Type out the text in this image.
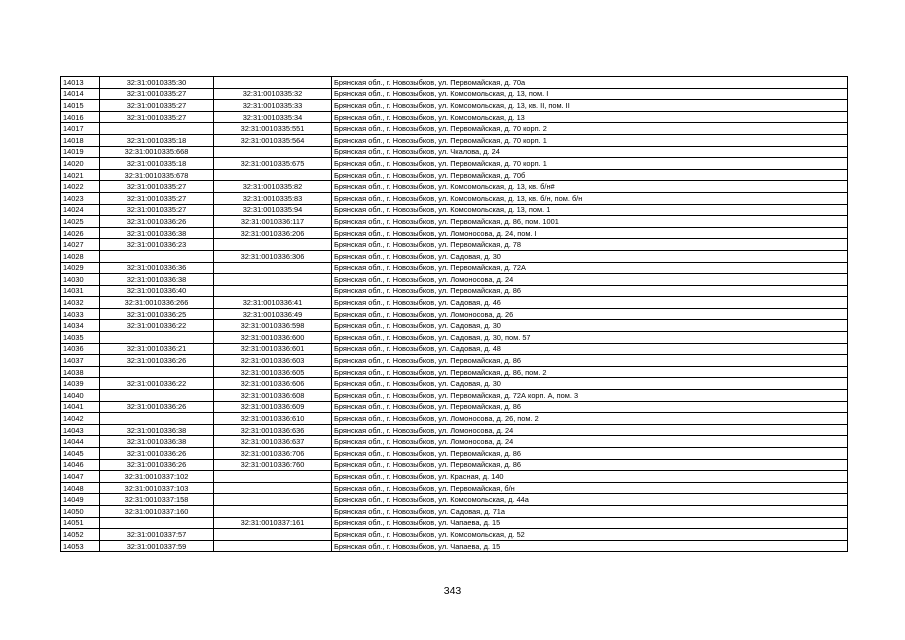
14013	32:31:0010335:30		Брянская обл., г. Новозыбков, ул. Первомайская, д. 70а
14014	32:31:0010335:27	32:31:0010335:32	Брянская обл., г. Новозыбков, ул. Комсомольская, д. 13, пом. I
14015	32:31:0010335:27	32:31:0010335:33	Брянская обл., г. Новозыбков, ул. Комсомольская, д. 13, кв. II, пом. II
14016	32:31:0010335:27	32:31:0010335:34	Брянская обл., г. Новозыбков, ул. Комсомольская, д. 13
14017		32:31:0010335:551	Брянская обл., г. Новозыбков, ул. Первомайская, д. 70 корп. 2
14018	32:31:0010335:18	32:31:0010335:564	Брянская обл., г. Новозыбков, ул. Первомайская, д. 70 корп. 1
14019	32:31:0010335:668		Брянская обл., г. Новозыбков, ул. Чкалова, д. 24
14020	32:31:0010335:18	32:31:0010335:675	Брянская обл., г. Новозыбков, ул. Первомайская, д. 70 корп. 1
14021	32:31:0010335:678		Брянская обл., г. Новозыбков, ул. Первомайская, д. 70б
14022	32:31:0010335:27	32:31:0010335:82	Брянская обл., г. Новозыбков, ул. Комсомольская, д. 13, кв. б/н#
14023	32:31:0010335:27	32:31:0010335:83	Брянская обл., г. Новозыбков, ул. Комсомольская, д. 13, кв. б/н, пом. б/н
14024	32:31:0010335:27	32:31:0010335:94	Брянская обл., г. Новозыбков, ул. Комсомольская, д. 13, пом. 1
14025	32:31:0010336:26	32:31:0010336:117	Брянская обл., г. Новозыбков, ул. Первомайская, д. 86, пом. 1001
14026	32:31:0010336:38	32:31:0010336:206	Брянская обл., г. Новозыбков, ул. Ломоносова, д. 24, пом. I
14027	32:31:0010336:23		Брянская обл., г. Новозыбков, ул. Первомайская, д. 78
14028		32:31:0010336:306	Брянская обл., г. Новозыбков, ул. Садовая, д. 30
14029	32:31:0010336:36		Брянская обл., г. Новозыбков, ул. Первомайская, д. 72А
14030	32:31:0010336:38		Брянская обл., г. Новозыбков, ул. Ломоносова, д. 24
14031	32:31:0010336:40		Брянская обл., г. Новозыбков, ул. Первомайская, д. 86
14032	32:31:0010336:266	32:31:0010336:41	Брянская обл., г. Новозыбков, ул. Садовая, д. 46
14033	32:31:0010336:25	32:31:0010336:49	Брянская обл., г. Новозыбков, ул. Ломоносова, д. 26
14034	32:31:0010336:22	32:31:0010336:598	Брянская обл., г. Новозыбков, ул. Садовая, д. 30
14035		32:31:0010336:600	Брянская обл., г. Новозыбков, ул. Садовая, д. 30, пом. 57
14036	32:31:0010336:21	32:31:0010336:601	Брянская обл., г. Новозыбков, ул. Садовая, д. 48
14037	32:31:0010336:26	32:31:0010336:603	Брянская обл., г. Новозыбков, ул. Первомайская, д. 86
14038		32:31:0010336:605	Брянская обл., г. Новозыбков, ул. Первомайская, д. 86, пом. 2
14039	32:31:0010336:22	32:31:0010336:606	Брянская обл., г. Новозыбков, ул. Садовая, д. 30
14040		32:31:0010336:608	Брянская обл., г. Новозыбков, ул. Первомайская, д. 72А корп. А, пом. 3
14041	32:31:0010336:26	32:31:0010336:609	Брянская обл., г. Новозыбков, ул. Первомайская, д. 86
14042		32:31:0010336:610	Брянская обл., г. Новозыбков, ул. Ломоносова, д. 26, пом. 2
14043	32:31:0010336:38	32:31:0010336:636	Брянская обл., г. Новозыбков, ул. Ломоносова, д. 24
14044	32:31:0010336:38	32:31:0010336:637	Брянская обл., г. Новозыбков, ул. Ломоносова, д. 24
14045	32:31:0010336:26	32:31:0010336:706	Брянская обл., г. Новозыбков, ул. Первомайская, д. 86
14046	32:31:0010336:26	32:31:0010336:760	Брянская обл., г. Новозыбков, ул. Первомайская, д. 86
14047	32:31:0010337:102		Брянская обл., г. Новозыбков, ул. Красная, д. 140
14048	32:31:0010337:103		Брянская обл., г. Новозыбков, ул. Первомайская, б/н
14049	32:31:0010337:158		Брянская обл., г. Новозыбков, ул. Комсомольская, д. 44а
14050	32:31:0010337:160		Брянская обл., г. Новозыбков, ул. Садовая, д. 71а
14051		32:31:0010337:161	Брянская обл., г. Новозыбков, ул. Чапаева, д. 15
14052	32:31:0010337:57		Брянская обл., г. Новозыбков, ул. Комсомольская, д. 52
14053	32:31:0010337:59		Брянская обл., г. Новозыбков, ул. Чапаева, д. 15
343
